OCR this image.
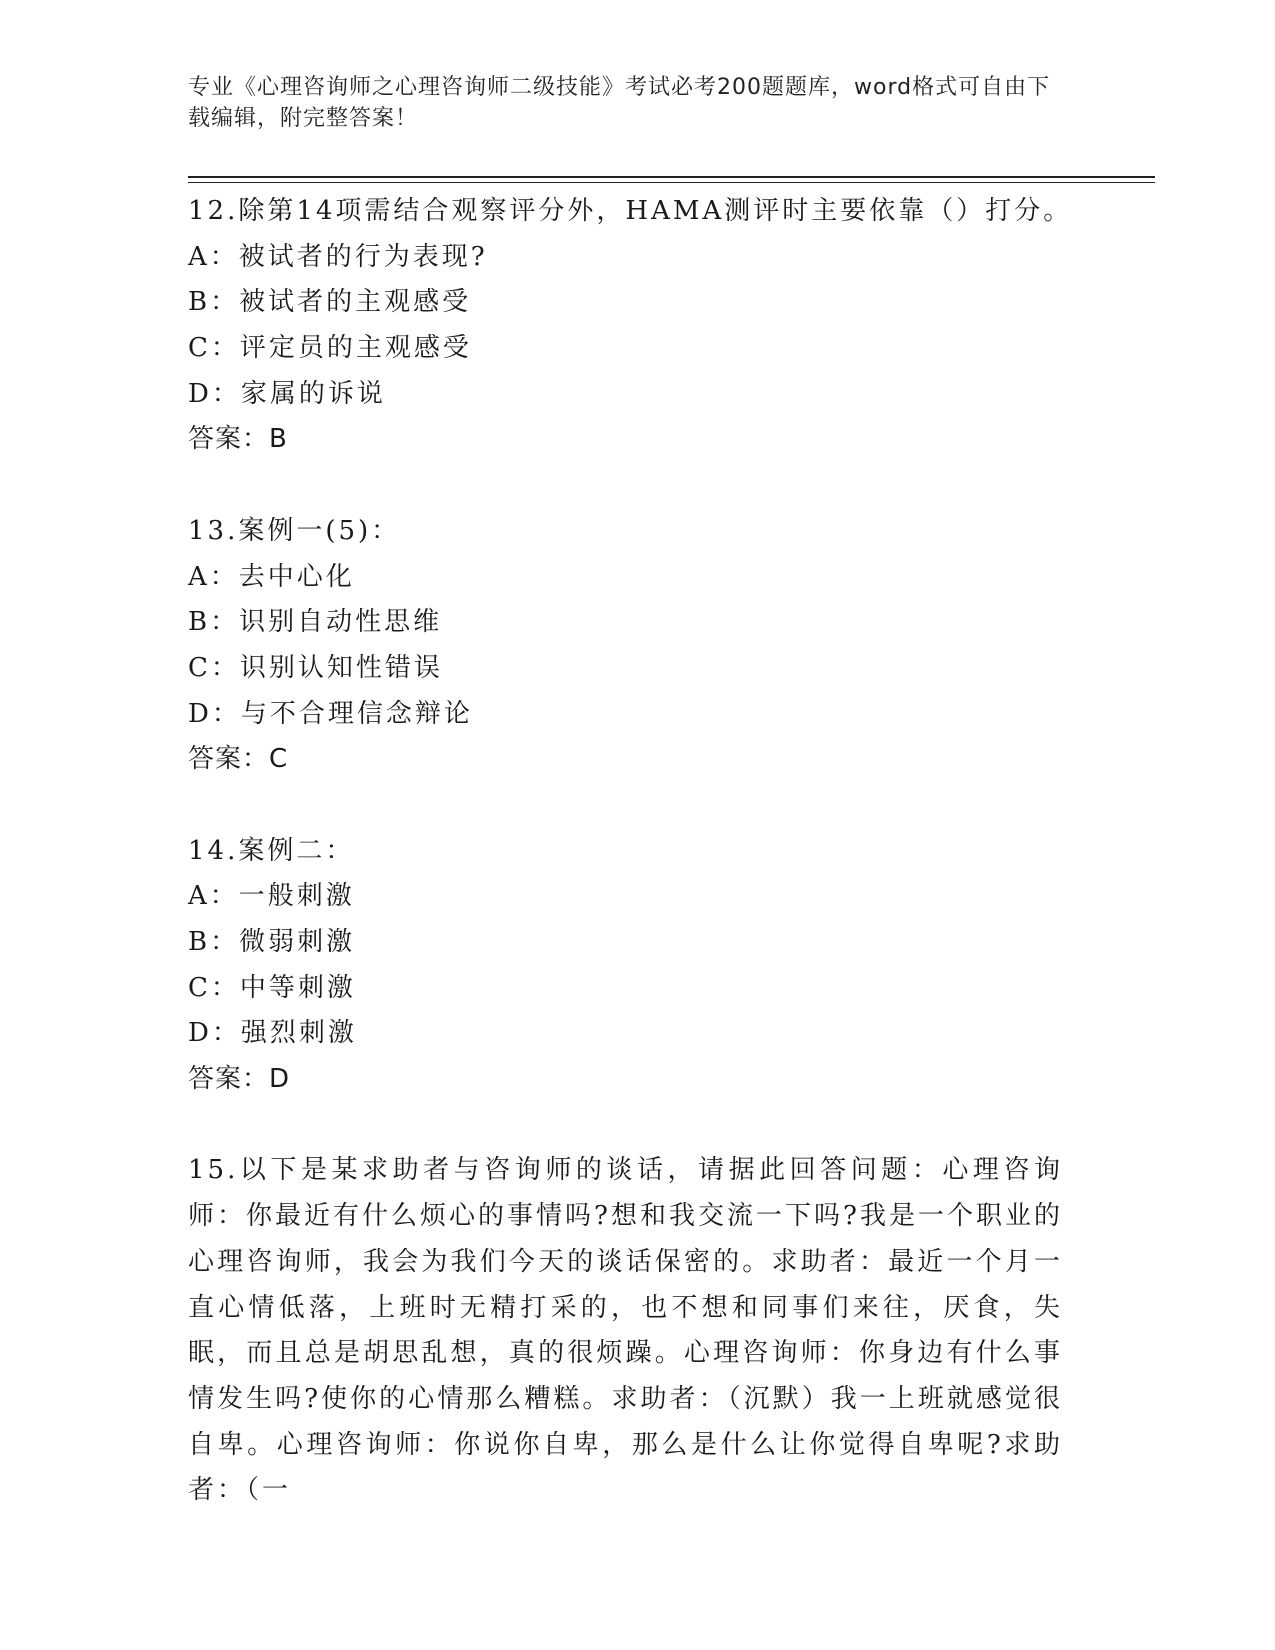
专业《心理咨询师之心理咨询师二级技能》考试必考200题题库，word格式可自由下载编辑，附完整答案！
12.除第14项需结合观察评分外，HAMA测评时主要依靠（）打分。
A：被试者的行为表现?
B：被试者的主观感受
C：评定员的主观感受
D：家属的诉说
答案：B
13.案例一(5)：
A：去中心化
B：识别自动性思维
C：识别认知性错误
D：与不合理信念辩论
答案：C
14.案例二：
A：一般刺激
B：微弱刺激
C：中等刺激
D：强烈刺激
答案：D
15.以下是某求助者与咨询师的谈话，请据此回答问题：心理咨询师：你最近有什么烦心的事情吗?想和我交流一下吗?我是一个职业的心理咨询师，我会为我们今天的谈话保密的。求助者：最近一个月一直心情低落，上班时无精打采的，也不想和同事们来往，厌食，失眠，而且总是胡思乱想，真的很烦躁。心理咨询师：你身边有什么事情发生吗?使你的心情那么糟糕。求助者：（沉默）我一上班就感觉很自卑。心理咨询师：你说你自卑，那么是什么让你觉得自卑呢?求助者：（一
